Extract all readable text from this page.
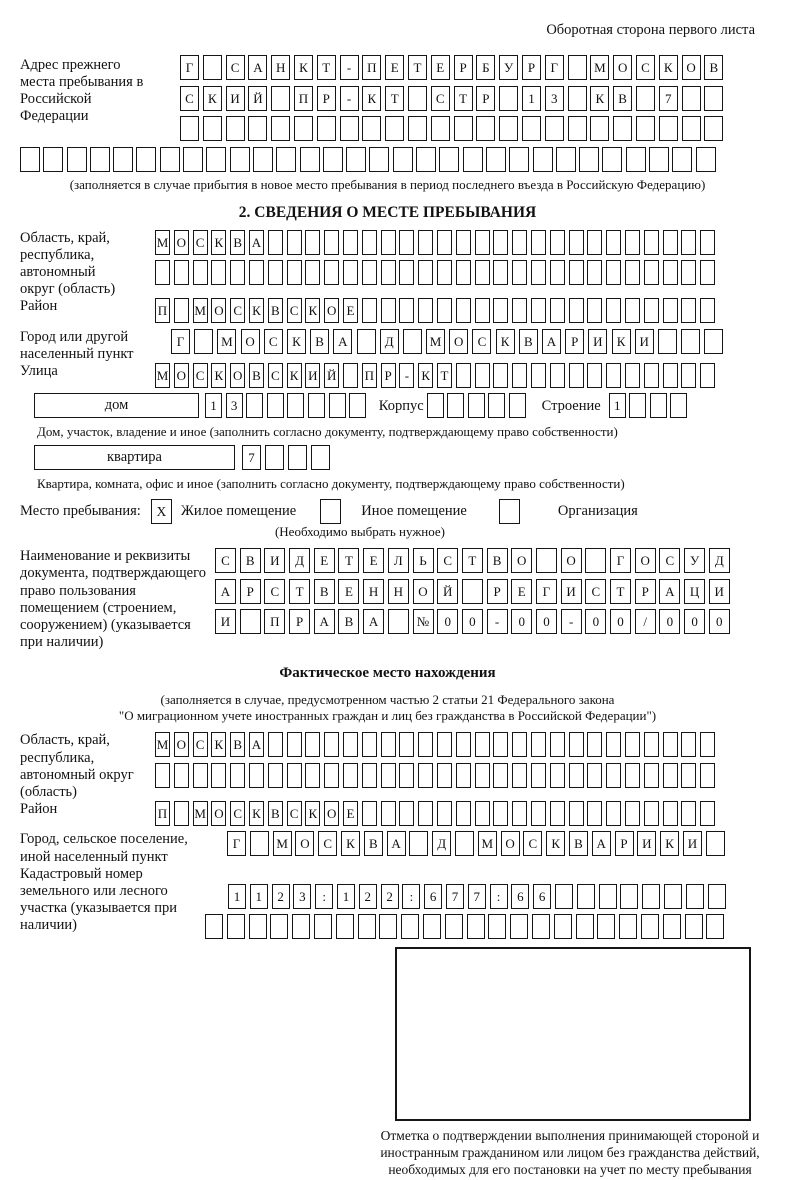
Оборотная сторона первого листа
Адрес прежнего места пребывания в Российской Федерации
Г	С А Н К Т - П Е Т Е Р Б У Р Г	М О С К О В
С К И Й	П Р - К Т	С Т Р	1 3	К В	7
(заполняется в случае прибытия в новое место пребывания в период последнего въезда в Российскую Федерацию)
2. СВЕДЕНИЯ О МЕСТЕ ПРЕБЫВАНИЯ
Область, край, республика, автономный округ (область)
М О С К В А
Район	П М О С К В С К О Е
Город или другой населенный пункт
Г	М О С К В А	Д	М О С К В А Р И К И
Улица	М О С К О В С К И Й П Р - К Т
дом	1 3	Корпус	Строение	1
Дом, участок, владение и иное (заполнить согласно документу, подтверждающему право собственности)
квартира	7
Квартира, комната, офис и иное (заполнить согласно документу, подтверждающему право собственности)
Место пребывания:	X	Жилое помещение	Иное помещение	Организация
(Необходимо выбрать нужное)
Наименование и реквизиты документа, подтверждающего право пользования помещением (строением, сооружением) (указывается при наличии)
С В И Д Е Т Е Л Ь С Т В О	О	Г О С У Д
А Р С Т В Е Н Н О Й	Р Е Г И С Т Р А Ц И
И	П Р А В А	№ 0 0 - 0 0 - 0 0 / 0 0 0
Фактическое место нахождения
(заполняется в случае, предусмотренном частью 2 статьи 21 Федерального закона
"О миграционном учете иностранных граждан и лиц без гражданства в Российской Федерации")
Область, край, республика, автономный округ (область)
М О С К В А
Район	П М О С К В С К О Е
Город, сельское поселение, иной населенный пункт
Г	М О С К В А	Д	М О С К В А Р И К И
Кадастровый номер земельного или лесного участка (указывается при наличии)
1 1 2 3 : 1 2 2 : 6 7 7 : 6 6
Отметка о подтверждении выполнения принимающей стороной и иностранным гражданином или лицом без гражданства действий, необходимых для его постановки на учет по месту пребывания
